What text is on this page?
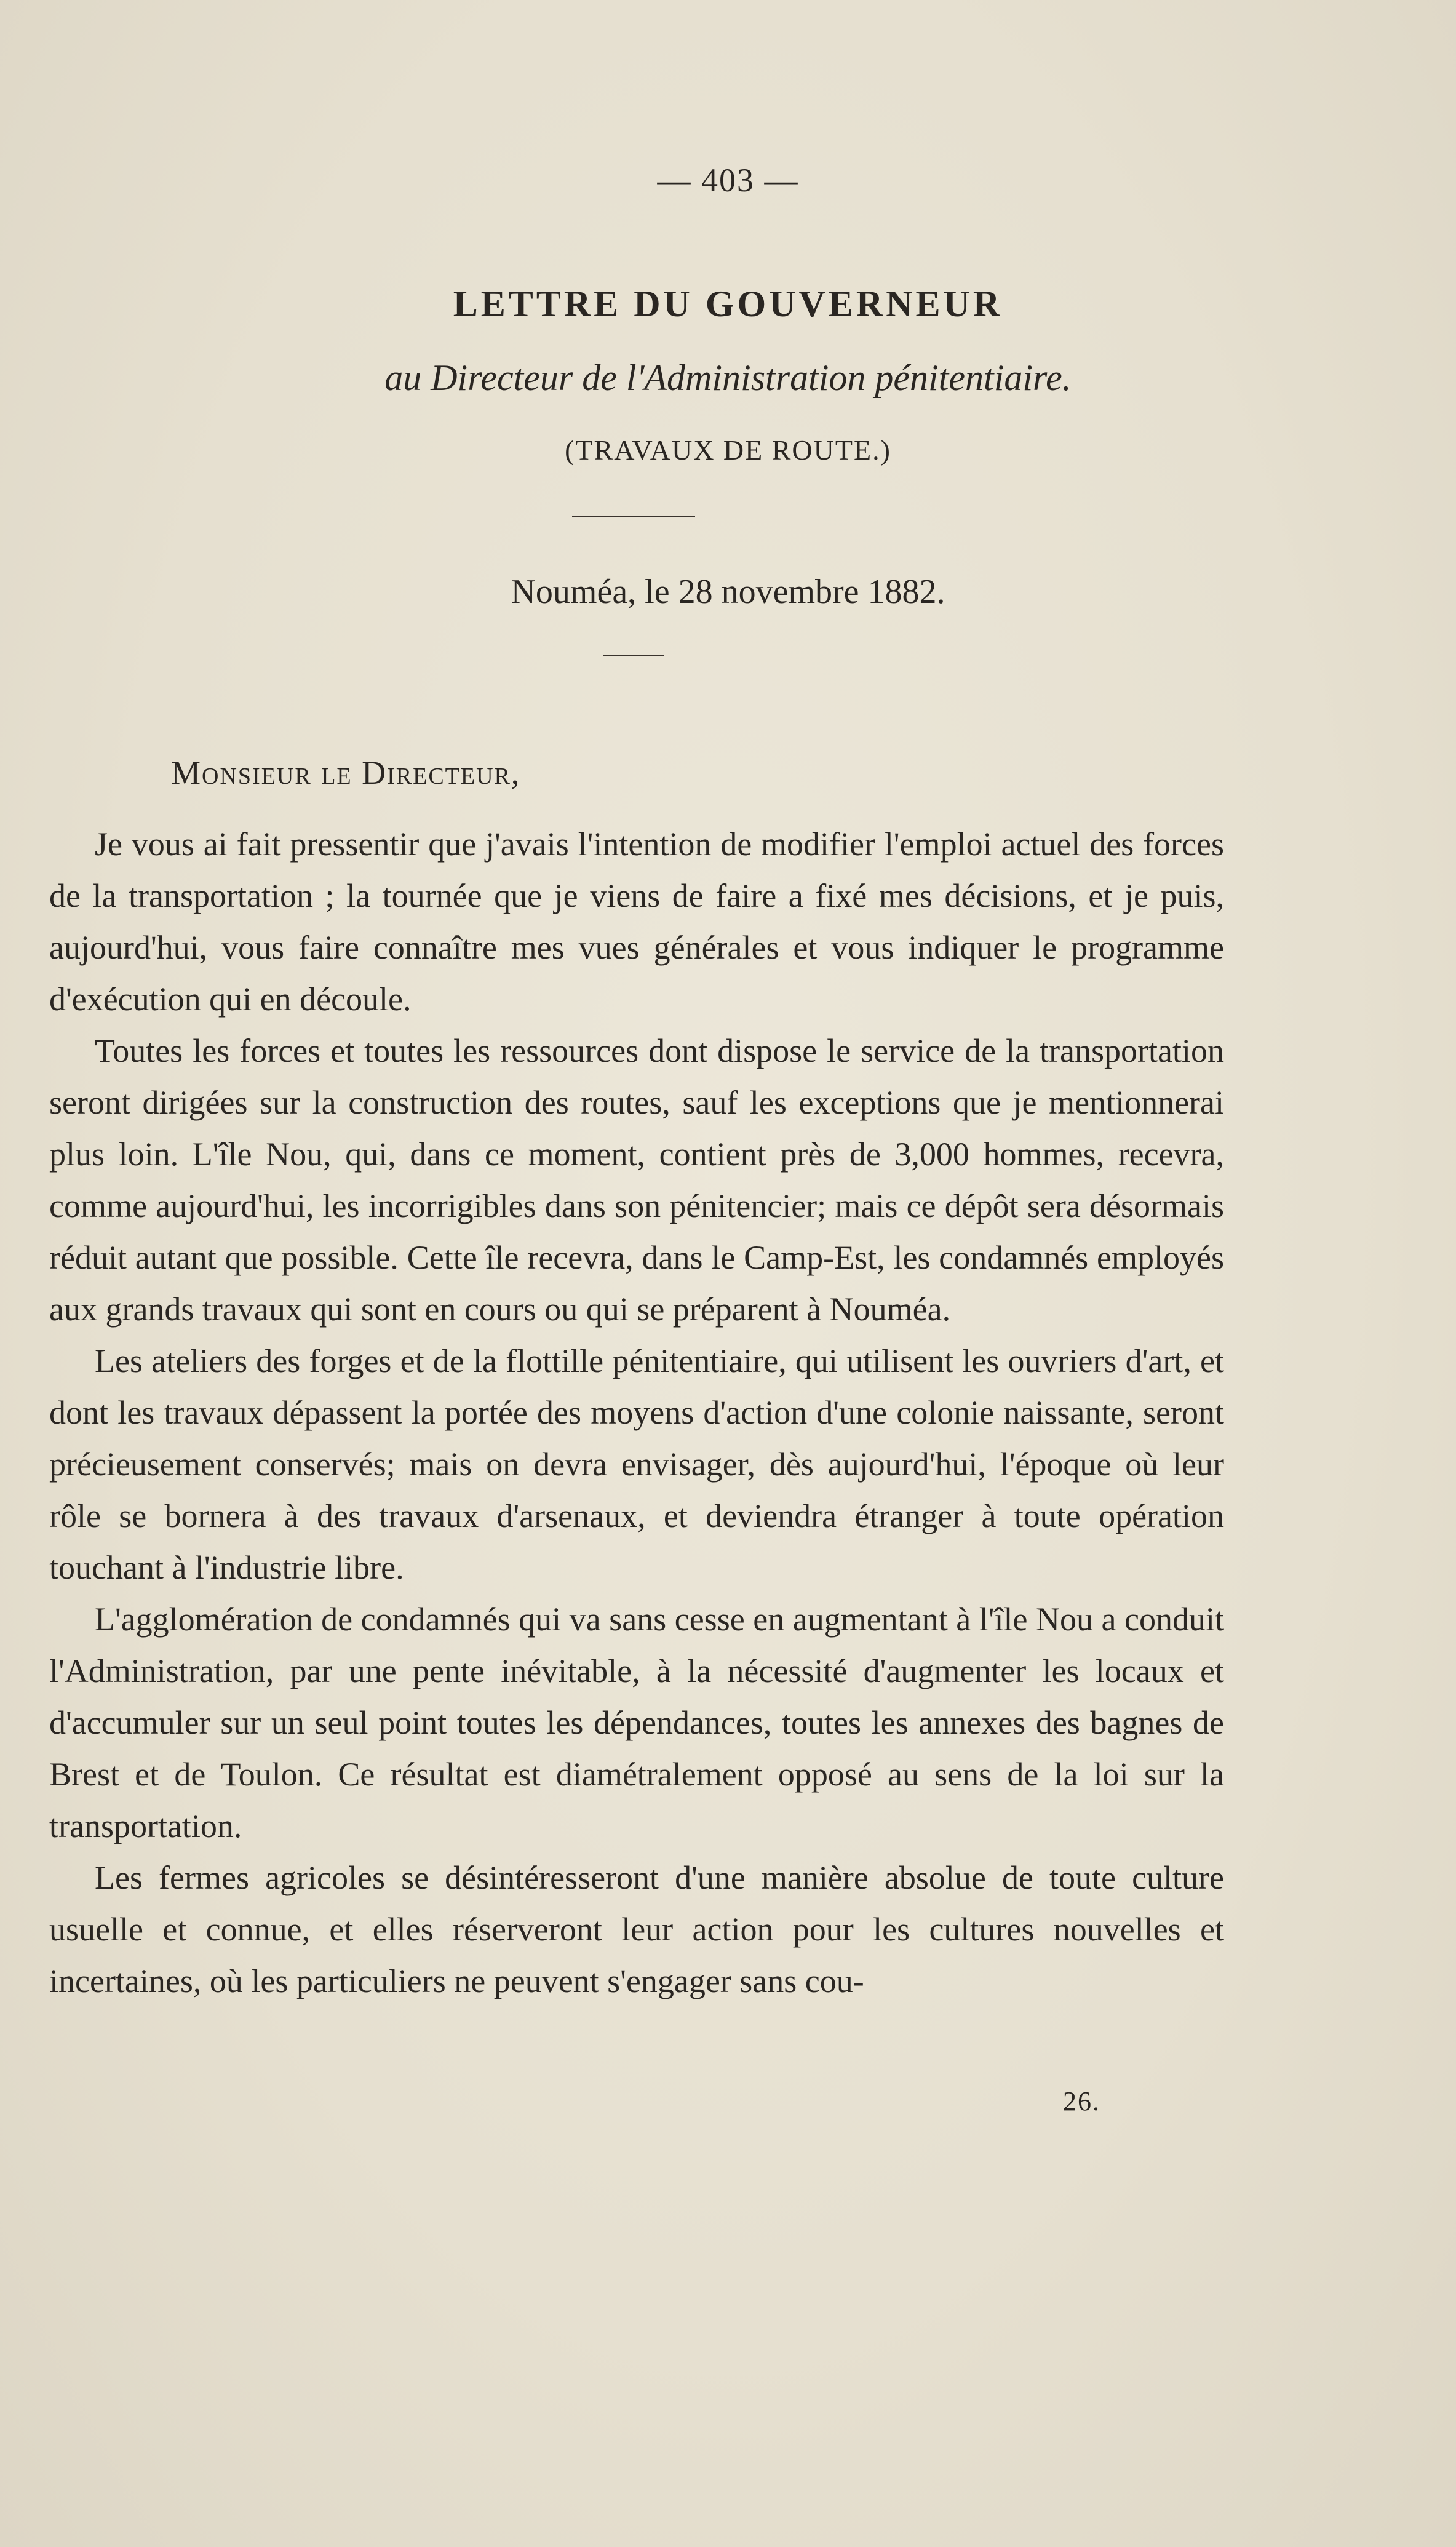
— 403 —
LETTRE DU GOUVERNEUR
au Directeur de l'Administration pénitentiaire.
(TRAVAUX DE ROUTE.)
Nouméa, le 28 novembre 1882.
Monsieur le Directeur,

Je vous ai fait pressentir que j'avais l'intention de modifier l'emploi actuel des forces de la transportation ; la tournée que je viens de faire a fixé mes décisions, et je puis, aujourd'hui, vous faire connaître mes vues générales et vous indiquer le programme d'exécution qui en découle.

Toutes les forces et toutes les ressources dont dispose le service de la transportation seront dirigées sur la construction des routes, sauf les exceptions que je mentionnerai plus loin. L'île Nou, qui, dans ce moment, contient près de 3,000 hommes, recevra, comme aujourd'hui, les incorrigibles dans son pénitencier; mais ce dépôt sera désormais réduit autant que possible. Cette île recevra, dans le Camp-Est, les condamnés employés aux grands travaux qui sont en cours ou qui se préparent à Nouméa.

Les ateliers des forges et de la flottille pénitentiaire, qui utilisent les ouvriers d'art, et dont les travaux dépassent la portée des moyens d'action d'une colonie naissante, seront précieusement conservés; mais on devra envisager, dès aujourd'hui, l'époque où leur rôle se bornera à des travaux d'arsenaux, et deviendra étranger à toute opération touchant à l'industrie libre.

L'agglomération de condamnés qui va sans cesse en augmentant à l'île Nou a conduit l'Administration, par une pente inévitable, à la nécessité d'augmenter les locaux et d'accumuler sur un seul point toutes les dépendances, toutes les annexes des bagnes de Brest et de Toulon. Ce résultat est diamétralement opposé au sens de la loi sur la transportation.

Les fermes agricoles se désintéresseront d'une manière absolue de toute culture usuelle et connue, et elles réserveront leur action pour les cultures nouvelles et incertaines, où les particuliers ne peuvent s'engager sans cou-

26.
